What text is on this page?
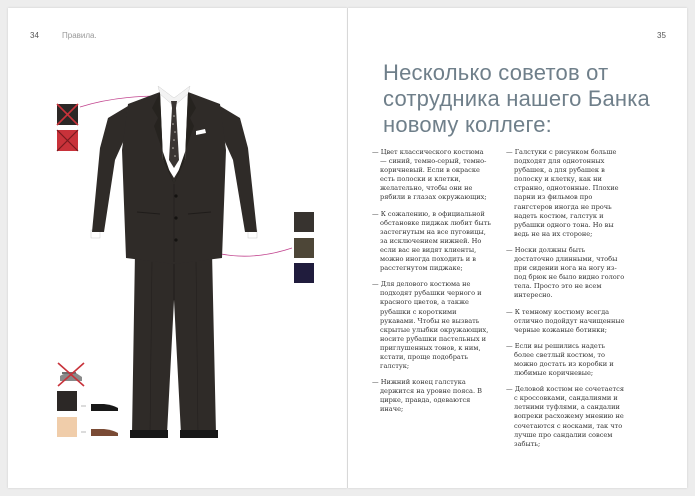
34	Правила.	35
Несколько советов от сотрудника нашего Банка новому коллеге:

— Цвет классического костюма — синий, темно-серый, темно-коричневый. Если в окраске есть полоски и клетки, желательно, чтобы они не рябили в глазах окружающих;

— К сожалению, в официальной обстановке пиджак любит быть застегнутым на все пуговицы, за исключением нижней. Но если вас не видят клиенты, можно иногда походить и в расстегнутом пиджаке;

— Для делового костюма не подходят рубашки черного и красного цветов, а также рубашки с короткими рукавами. Чтобы не вызвать скрытые улыбки окружающих, носите рубашки пастельных и приглушенных тонов, к ним, кстати, проще подобрать галстук;

— Нижний конец галстука держится на уровне пояса. В цирке, правда, одеваются иначе;

— Галстуки с рисунком больше подходят для однотонных рубашек, а для рубашек в полоску и клетку, как ни странно, однотонные. Плохие парни из фильмов про гангстеров иногда не прочь надеть костюм, галстук и рубашки одного тона. Но вы ведь не на их стороне;

— Носки должны быть достаточно длинными, чтобы при сидении нога на ногу из-под брюк не было видно голого тела. Просто это не всем интересно.

— К темному костюму всегда отлично подойдут начищенные черные кожаные ботинки;

— Если вы решились надеть более светлый костюм, то можно достать из коробки и любимые коричневые;

— Деловой костюм не сочетается с кроссовками, сандалиями и летними туфлями, а сандалии вопреки расхожему мнению не сочетаются с носками, так что лучше про сандалии совсем забыть;
